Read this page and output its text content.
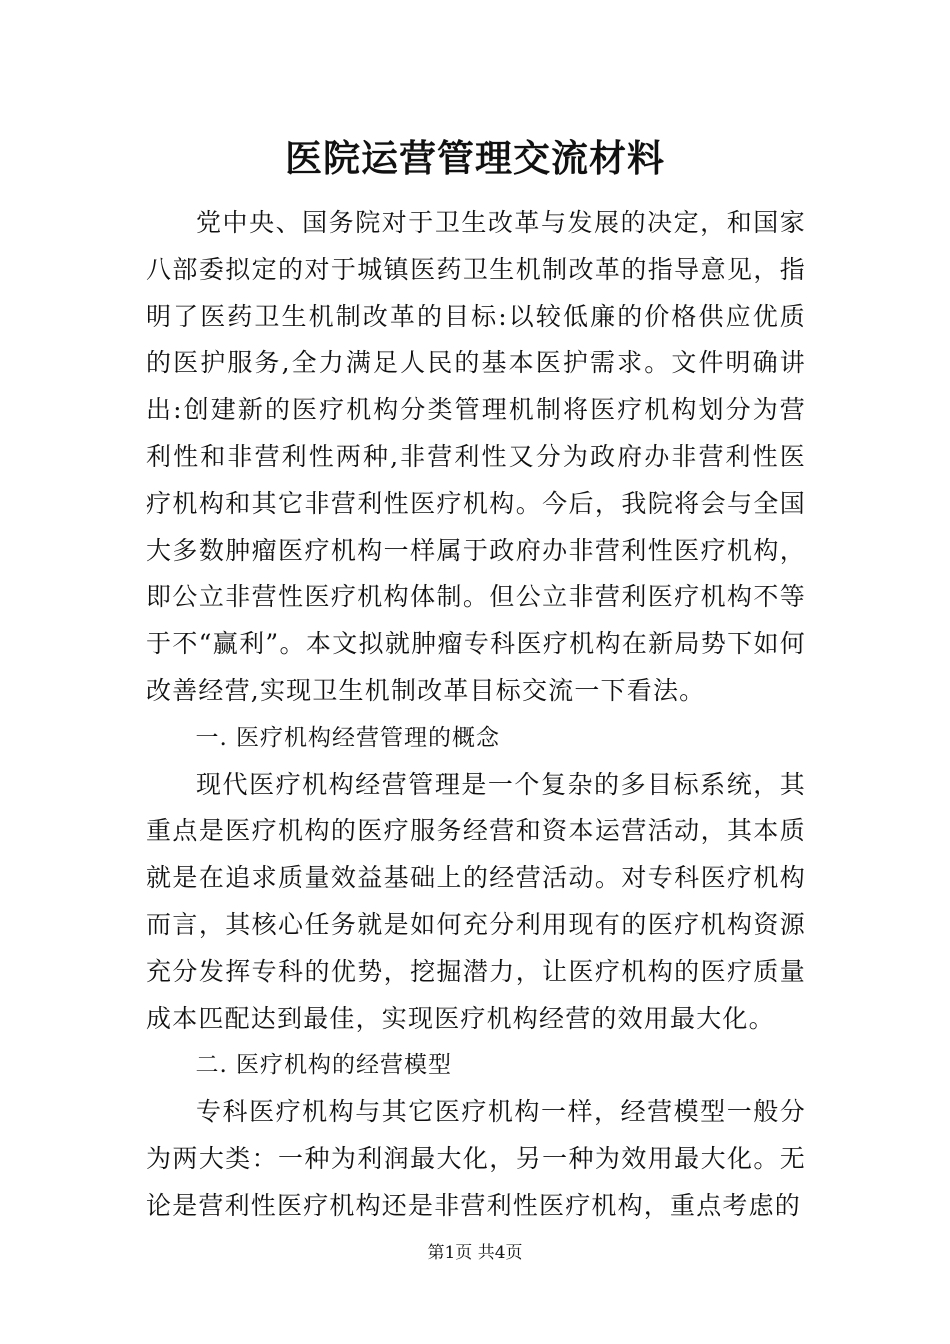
医院运营管理交流材料

党中央、国务院对于卫生改革与发展的决定，和国家八部委拟定的对于城镇医药卫生机制改革的指导意见，指明了医药卫生机制改革的目标:以较低廉的价格供应优质的医护服务,全力满足人民的基本医护需求。文件明确讲出:创建新的医疗机构分类管理机制将医疗机构划分为营利性和非营利性两种,非营利性又分为政府办非营利性医疗机构和其它非营利性医疗机构。今后，我院将会与全国大多数肿瘤医疗机构一样属于政府办非营利性医疗机构，即公立非营性医疗机构体制。但公立非营利医疗机构不等于不“赢利”。本文拟就肿瘤专科医疗机构在新局势下如何改善经营,实现卫生机制改革目标交流一下看法。

一. 医疗机构经营管理的概念

现代医疗机构经营管理是一个复杂的多目标系统，其重点是医疗机构的医疗服务经营和资本运营活动，其本质就是在追求质量效益基础上的经营活动。对专科医疗机构而言，其核心任务就是如何充分利用现有的医疗机构资源充分发挥专科的优势，挖掘潜力，让医疗机构的医疗质量成本匹配达到最佳，实现医疗机构经营的效用最大化。

二. 医疗机构的经营模型

专科医疗机构与其它医疗机构一样，经营模型一般分为两大类：一种为利润最大化，另一种为效用最大化。无论是营利性医疗机构还是非营利性医疗机构，重点考虑的

第1页 共4页
